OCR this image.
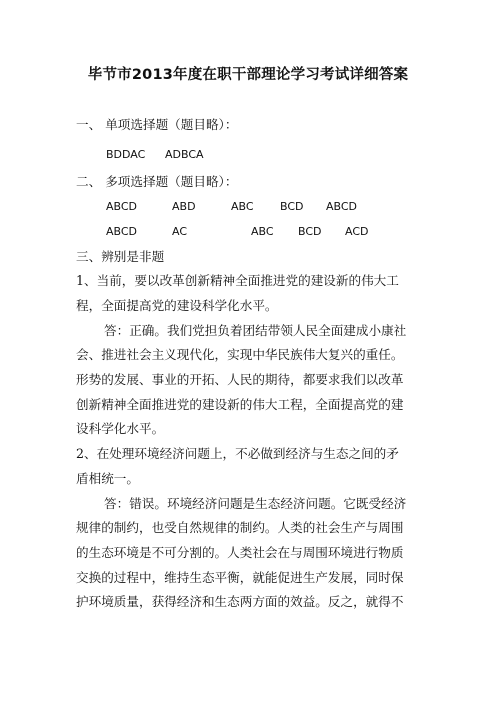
毕节市2013年度在职干部理论学习考试详细答案
一、 单项选择题（题目略）：
BDDAC ADBCA
二、 多项选择题（题目略）：
ABCD	ABD	ABC BCD ABCD
ABCD	AC	ABC BCD ACD
三、辨别是非题
1、当前，要以改革创新精神全面推进党的建设新的伟大工
程，全面提高党的建设科学化水平。
答：正确。我们党担负着团结带领人民全面建成小康社
会、推进社会主义现代化，实现中华民族伟大复兴的重任。
形势的发展、事业的开拓、人民的期待，都要求我们以改革
创新精神全面推进党的建设新的伟大工程，全面提高党的建
设科学化水平。
2、在处理环境经济问题上，不必做到经济与生态之间的矛
盾相统一。
答：错误。环境经济问题是生态经济问题。它既受经济
规律的制约，也受自然规律的制约。人类的社会生产与周围
的生态环境是不可分割的。人类社会在与周围环境进行物质
交换的过程中，维持生态平衡，就能促进生产发展，同时保
护环境质量，获得经济和生态两方面的效益。反之，就得不
